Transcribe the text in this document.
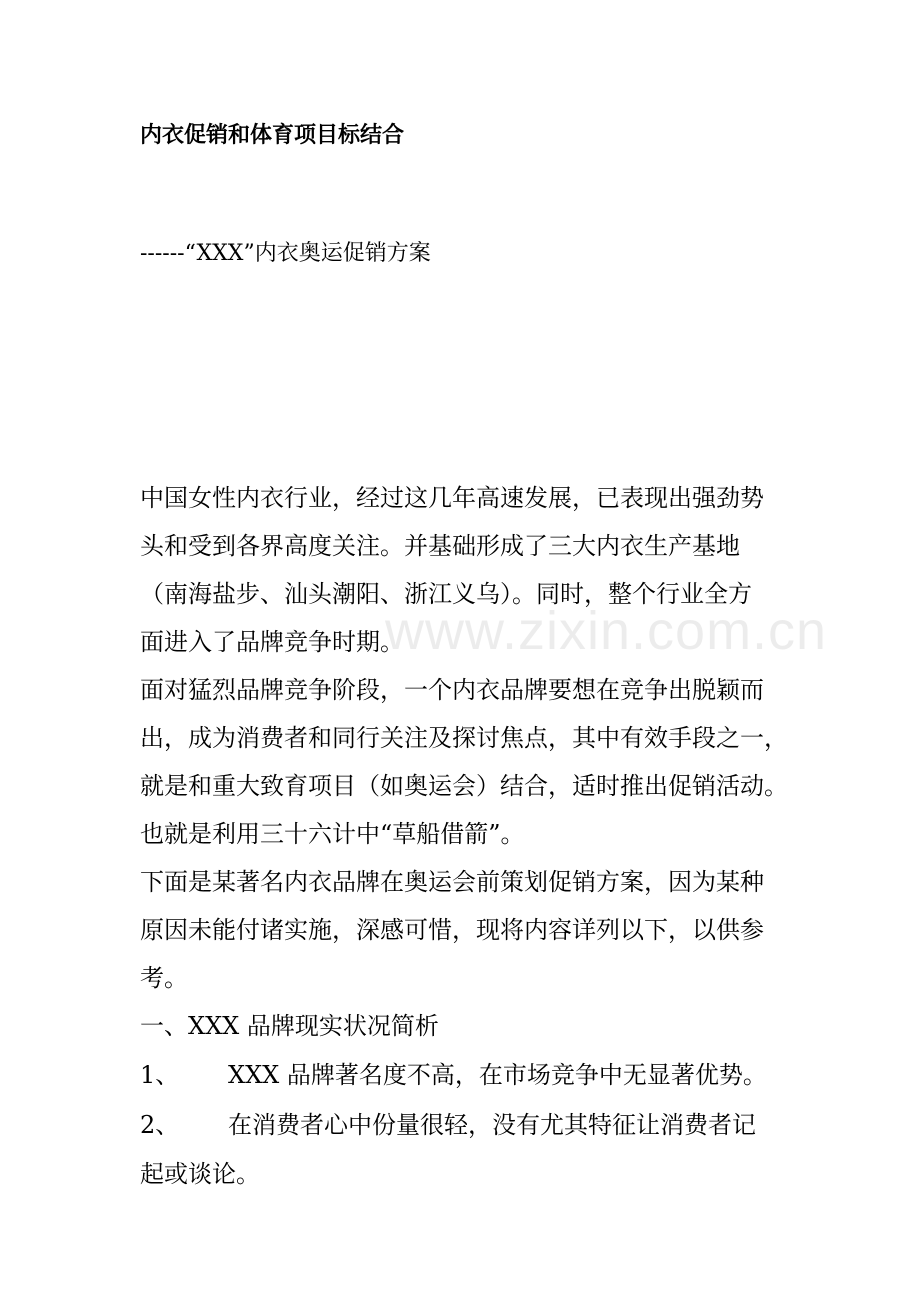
内衣促销和体育项目标结合
------“XXX”内衣奥运促销方案
中国女性内衣行业，经过这几年高速发展，已表现出强劲势
头和受到各界高度关注。并基础形成了三大内衣生产基地
（南海盐步、汕头潮阳、浙江义乌）。同时，整个行业全方
面进入了品牌竞争时期。
面对猛烈品牌竞争阶段，一个内衣品牌要想在竞争出脱颖而
出，成为消费者和同行关注及探讨焦点，其中有效手段之一，
就是和重大致育项目（如奥运会）结合，适时推出促销活动。
也就是利用三十六计中“草船借箭”。
下面是某著名内衣品牌在奥运会前策划促销方案，因为某种
原因未能付诸实施，深感可惜，现将内容详列以下，以供参
考。
一、XXX 品牌现实状况简析
1、	XXX 品牌著名度不高，在市场竞争中无显著优势。
2、	在消费者心中份量很轻，没有尤其特征让消费者记
起或谈论。
www.zixin.com.cn
